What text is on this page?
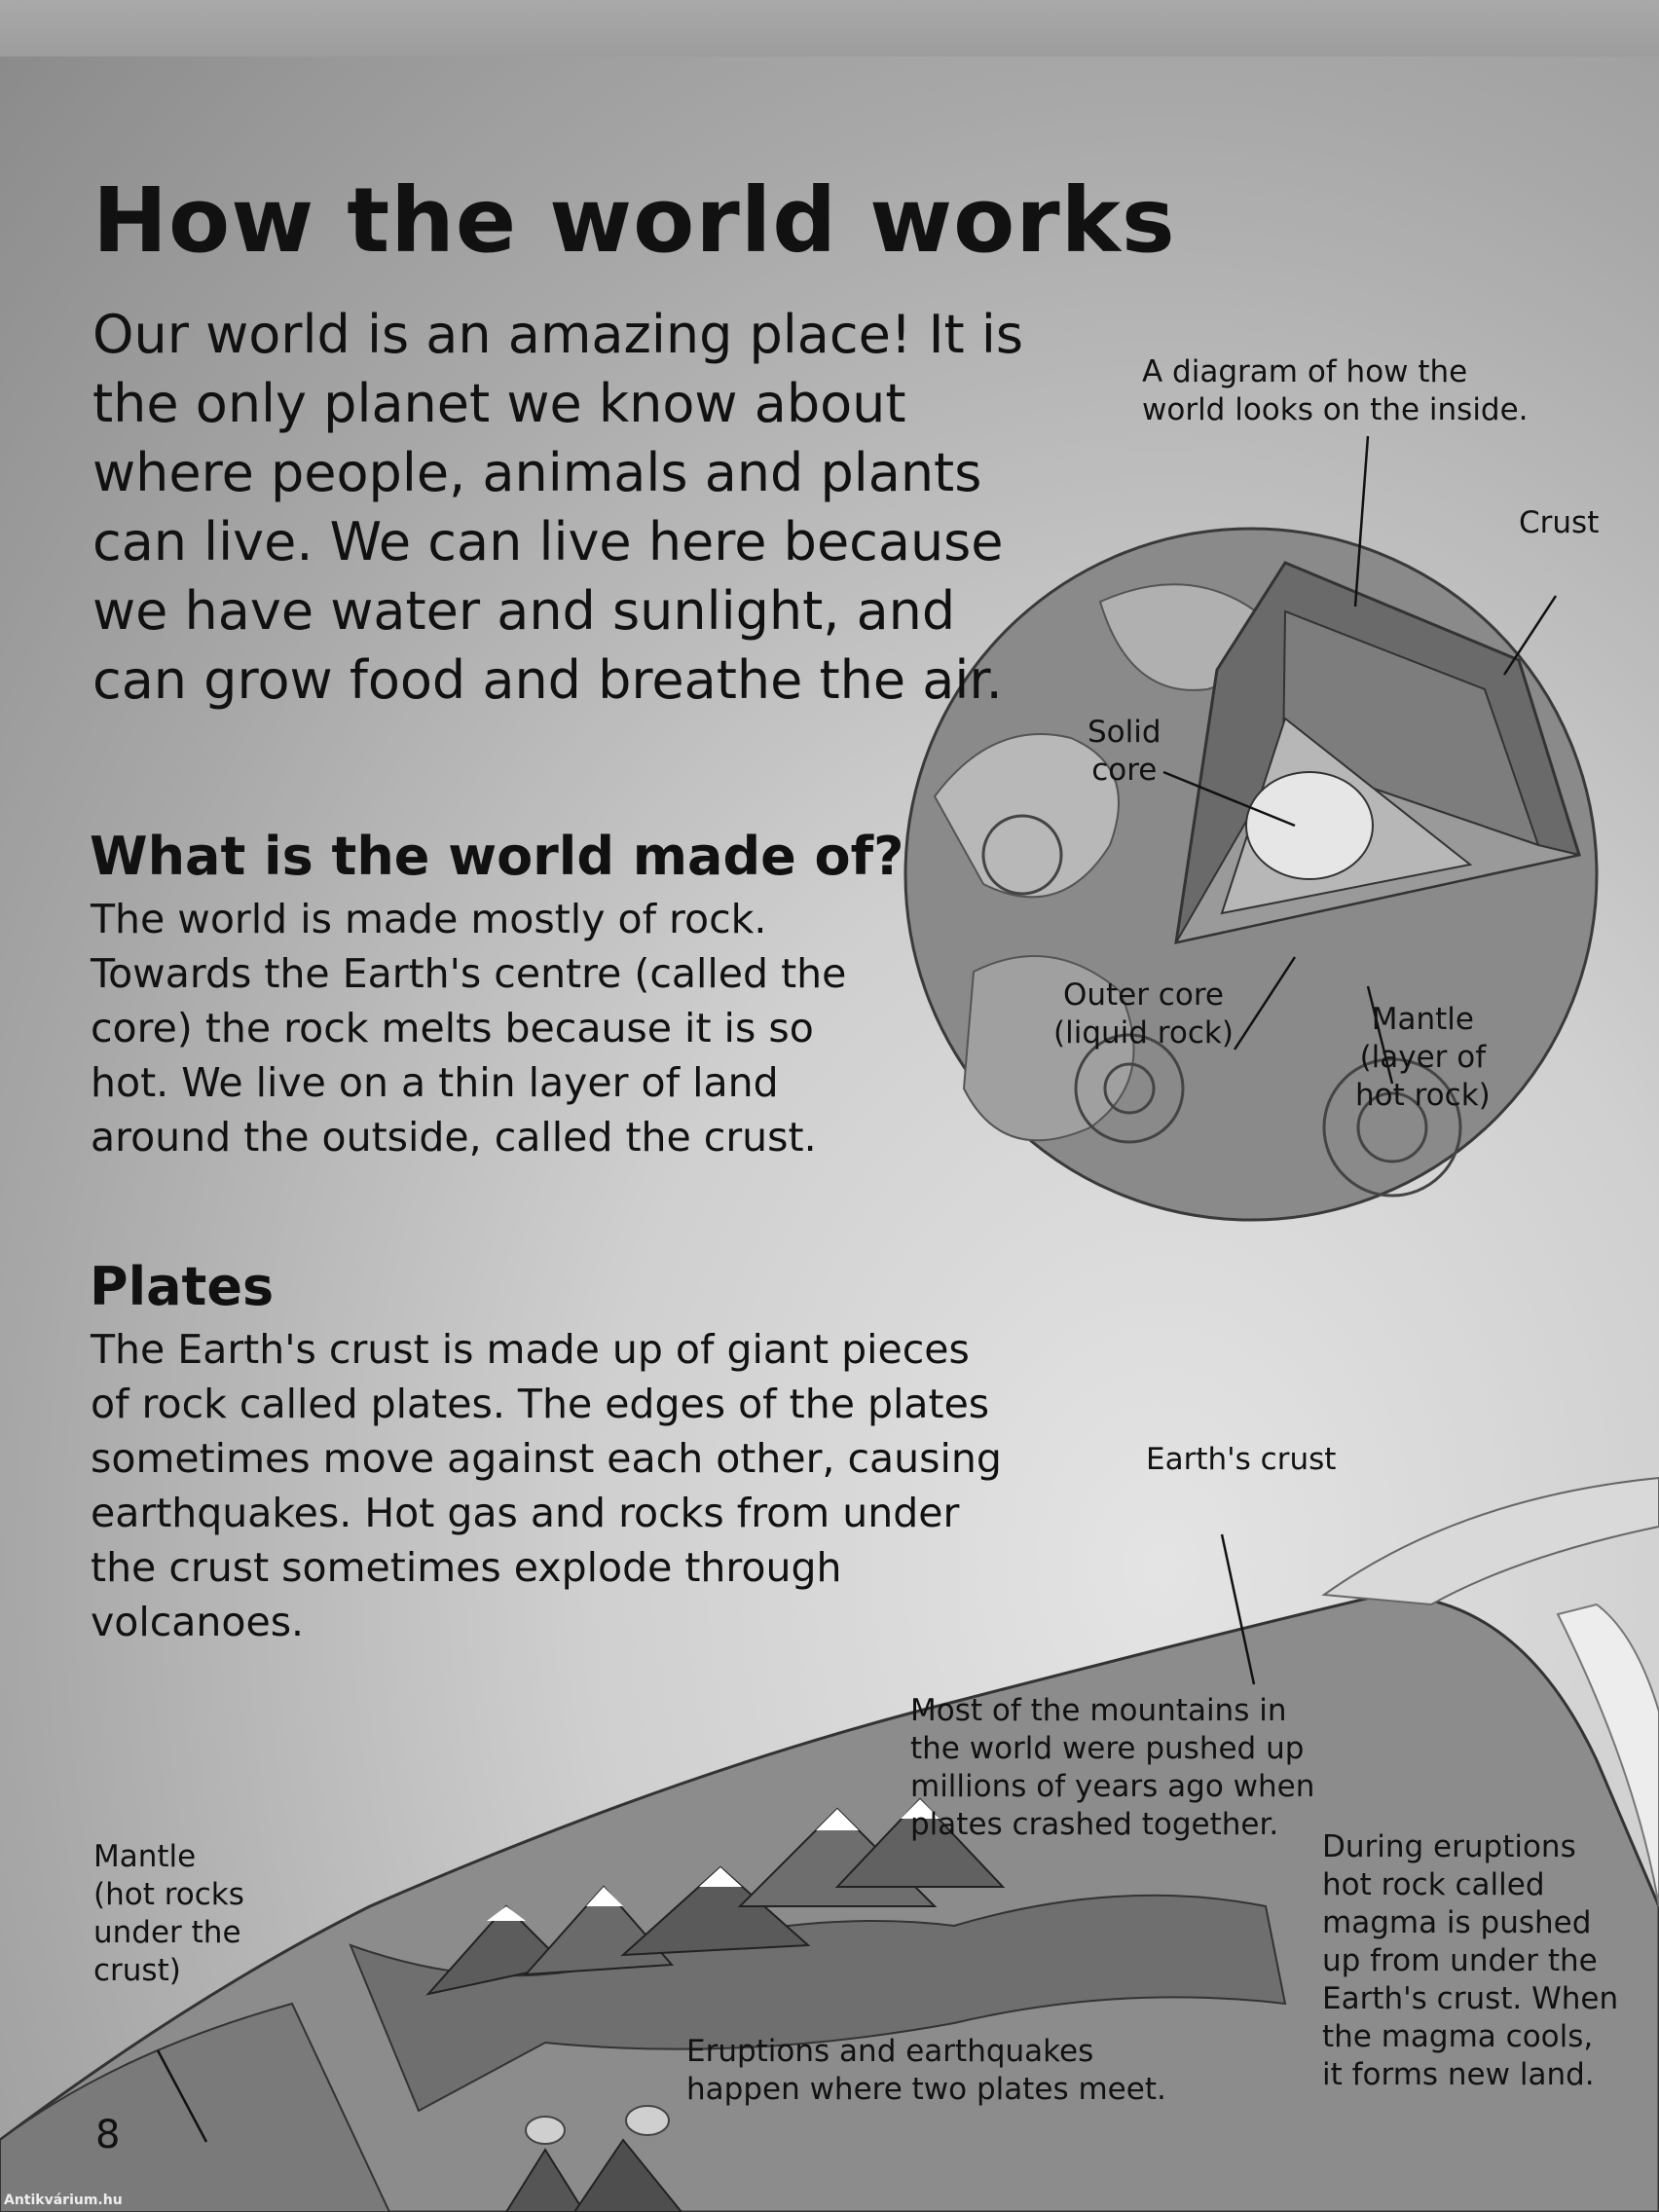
How the world works

Our world is an amazing place! It is the only planet we know about where people, animals and plants can live. We can live here because we have water and sunlight, and can grow food and breathe the air.

What is the world made of?

The world is made mostly of rock. Towards the Earth's centre (called the core) the rock melts because it is so hot. We live on a thin layer of land around the outside, called the crust.

Plates

The Earth's crust is made up of giant pieces of rock called plates. The edges of the plates sometimes move against each other, causing earthquakes. Hot gas and rocks from under the crust sometimes explode through volcanoes.

A diagram of how the
world looks on the inside.
Crust
Solid
core
Outer core
(liquid rock)	Mantle
(layer of
hot rock)
Earth's crust
Most of the mountains in
the world were pushed up
millions of years ago when
plates crashed together.
During eruptions
hot rock called
magma is pushed
up from under the
Earth's crust. When
the magma cools,
it forms new land.
Mantle
(hot rocks
under the
crust)
Eruptions and earthquakes
happen where two plates meet.
8
Antikvárium.hu
